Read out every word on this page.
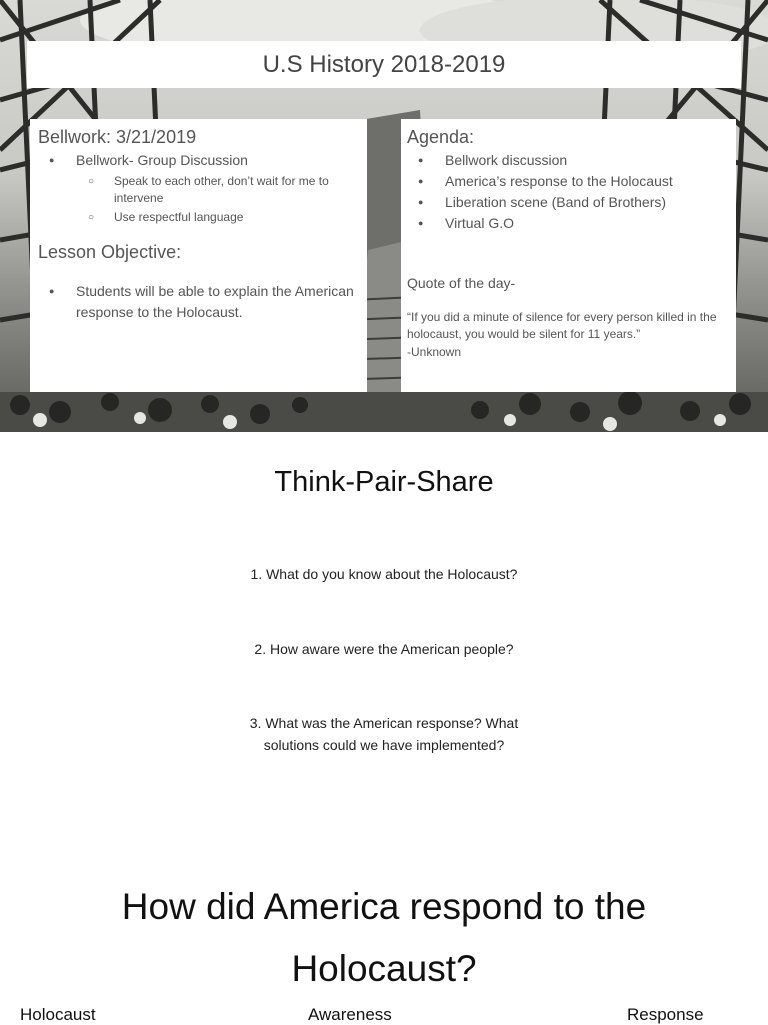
U.S History 2018-2019
Bellwork: 3/21/2019
● Bellwork- Group Discussion
○ Speak to each other, don’t wait for me to intervene
○ Use respectful language
Lesson Objective:
● Students will be able to explain the American response to the Holocaust.
Agenda:
● Bellwork discussion
● America’s response to the Holocaust
● Liberation scene (Band of Brothers)
● Virtual G.O
Quote of the day-
“If you did a minute of silence for every person killed in the holocaust, you would be silent for 11 years.”
-Unknown
Think-Pair-Share
1. What do you know about the Holocaust?
2. How aware were the American people?
3. What was the American response? What solutions could we have implemented?
How did America respond to the Holocaust?
Holocaust	Awareness	Response
